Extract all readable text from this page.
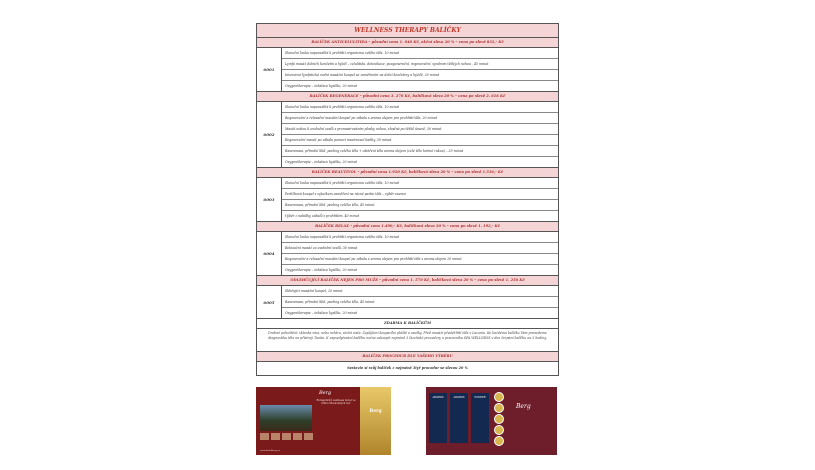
WELLNESS THERAPY BALÍČKY
BALÍČEK ANTICELULITIDA – původní cena 1. 040 Kč, akční sleva 20 % – cena po slevě 832,- Kč
6001
Slunoční louka napaneslhá k prohřátí organismu celého těla, 10 minut
Lymfo masáž dolních končetin a hýždí – celulitida, detoxikace, pougenerační, regenerační, syndrom těžkých nohou , 45 minut
Intenzivní lymfatická vodní masážní koupel se zaměřením na dolní končetiny a hýždě, 20 minut
Oxygentherapie – inhalace kyslíku, 20 minut
BALÍČEK REGENERACE – původní cena 3. 270 Kč, balíčková sleva 20 % – cena po slevě 2. 616 Kč
6002
Slunoční louka napaneslhá k prohřátí organismu celého těla, 10 minut
Regenerační a relaxační masážní koupel po zábalu s aroma olejem pro prohřátí těla, 20 minut
Masáž nohou k uvolnění svalů s promasírováním plosky nohou, shodná po těžkě únavě, 30 minut
Regenerační masáž po zábalu pomocí masírovací baňky, 30 minut
Rasenmass, přírodní klid, peeling celého těla + ošetření těla aroma olejem (celé tělo krémé rukou) – 35 minut
Oxygentherapie – inhalace kyslíku, 20 minut
BALÍČEK BEAUTIVOL – původní cena 1.920 Kč, balíčková sleva 20 % – cena po slevě 1.536,- Kč
6003
Slunoční louka napaneslhá k prohřátí organismu celého těla, 10 minut
Perličková koupel s výtažkem zaměření na rázné partie těla – výběr esence
Rasenmass, přírodní klid, peeling celého těla, 45 minut
Výběr z nabídky zábalů s prohřátím, 40 minut
BALÍČEK RELAX – původní cena 1.490,- Kč, balíčková sleva 20 % – cena po slevě 1. 192,- Kč
6004
Slunoční louka napaneslhá k prohřátí organismu celého těla, 10 minut
Relaxační masáž za uvolnění svalů, 30 minut
Regenerační a relaxační masážní koupel po zábalu s aroma olejem pro prohřátí těla s aroma olejem 20 minut
Oxygentherapie – inhalace kyslíku, 20 minut
ODLEHČUJÍCÍ BALÍČEK NEJEN PRO MUŽE – původní cena 1. 570 Kč, balíčková sleva 20 % – cena po slevě 1. 256 Kč
6005
Slibčující masážní koupel, 20 minut
Rasenmass, přírodní klid, peeling celého těla, 45 minut
Oxygentherapie – inhalace kyslíku, 20 minut
ZDARMA K BALÍČKŮM
Drobné pohoštění: sklenka vína, nebo nektru, stolní voda. Zapůjčení koupacího pláště a osušky. Před masáží předehřátí těla v Laconiu. Ke každému balíčku Vám pronedeme diagnostiku těla na přístroji Tanita. K zapsedytování balíčku nutno zakoupit nejméně 3 lázeňské procedury u pracovníka SPA WELLNESS v den čerpání balíčku na 3 hodiny.
BALÍČEK PROCEDUR DLE VAŠEHO VÝBĚRU
Sestavte si svůj balíček z nejméně 3tyř procedur se slevou 20 %
Berg
Romantický wellness hotel ve lůžku Moravských hor
Berg
www.hotelberg.cz
AWARDS	AWARDS	WINNER
Berg
